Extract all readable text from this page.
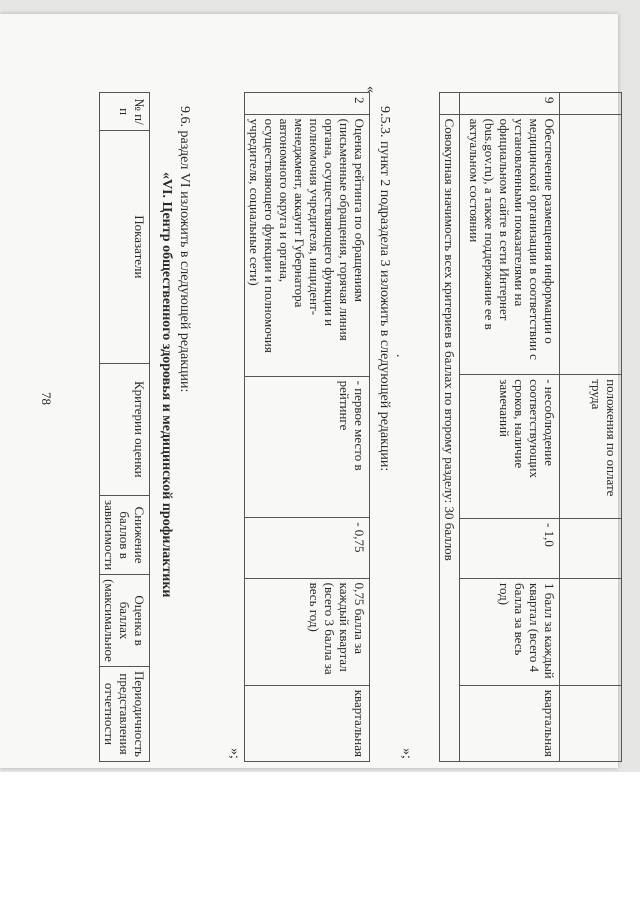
		положения по оплате труда			
9	Обеспечение размещения информации о медицинской организации в соответствии с установленными показателями на официальном сайте в сети Интернет (bus.gov.ru), а также поддержание ее в актуальном состоянии	- несоблюдение соответствующих сроков, наличие замечаний	- 1,0	1 балл за каждый квартал (всего 4 балла за весь год)	квартальная
	Совокупная значимость всех критериев в баллах по второму разделу: 30 баллов				
»;
.
9.5.3. пункт 2 подраздела 3 изложить в следующей редакции:
«
2	Оценка рейтинга по обращениям (письменные обращения, горячая линия органа, осуществляющего функции и полномочия учредителя, инцидент-менеджмент, аккаунт Губернатора автономного округа и органа, осуществляющего функции и полномочия учредителя, социальные сети)	- первое место в рейтинге	- 0,75	0,75 балла за каждый квартал (всего 3 балла за весь год)	квартальная
»;
9.6. раздел VI изложить в следующей редакции:
«VI. Центр общественного здоровья и медицинской профилактики
№ п/п	Показатели	Критерии оценки	Снижение баллов в зависимости	Оценка в баллах (максимальное	Периодичность представления отчетности
78
